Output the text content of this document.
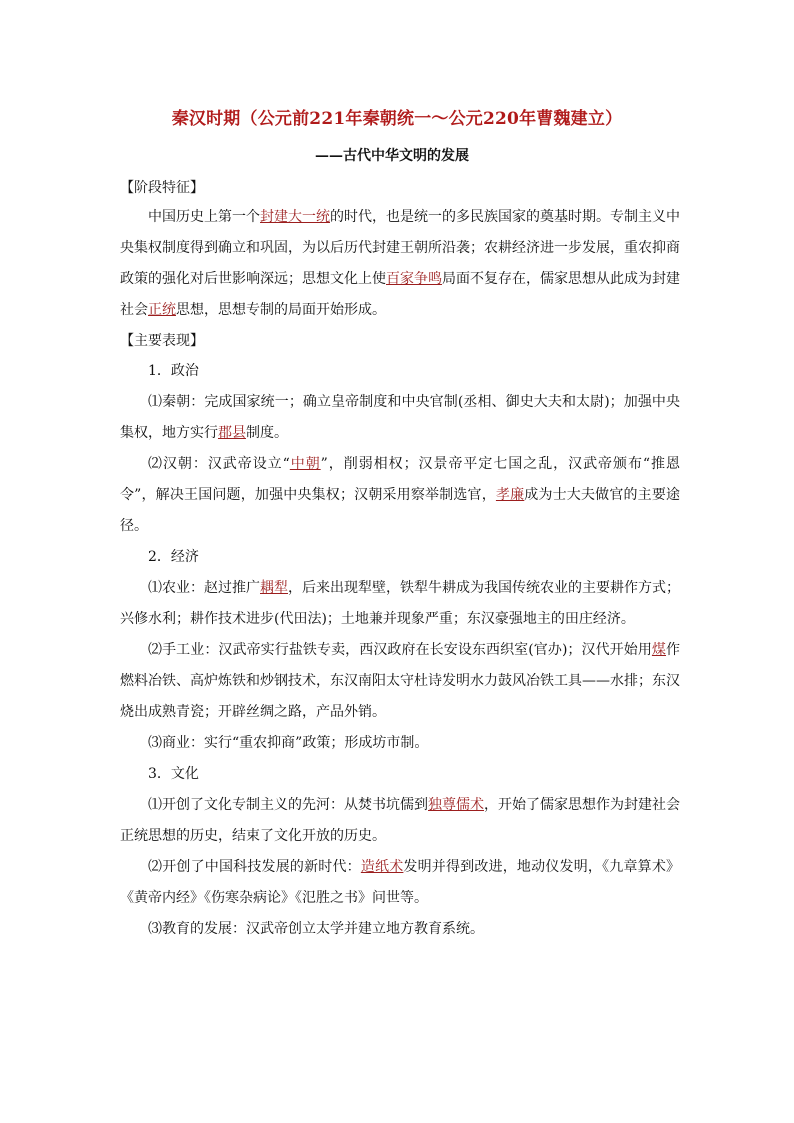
秦汉时期（公元前221年秦朝统一～公元220年曹魏建立）
——古代中华文明的发展
【阶段特征】

中国历史上第一个封建大一统的时代，也是统一的多民族国家的奠基时期。专制主义中央集权制度得到确立和巩固，为以后历代封建王朝所沿袭；农耕经济进一步发展，重农抑商政策的强化对后世影响深远；思想文化上使百家争鸣局面不复存在，儒家思想从此成为封建社会正统思想，思想专制的局面开始形成。

【主要表现】

1．政治

⑴秦朝：完成国家统一；确立皇帝制度和中央官制(丞相、御史大夫和太尉)；加强中央集权，地方实行郡县制度。

⑵汉朝：汉武帝设立“中朝”，削弱相权；汉景帝平定七国之乱，汉武帝颁布“推恩令”，解决王国问题，加强中央集权；汉朝采用察举制选官，孝廉成为士大夫做官的主要途径。

2．经济

⑴农业：赵过推广耦犁，后来出现犁壁，铁犁牛耕成为我国传统农业的主要耕作方式；兴修水利；耕作技术进步(代田法)；土地兼并现象严重；东汉豪强地主的田庄经济。

⑵手工业：汉武帝实行盐铁专卖，西汉政府在长安设东西织室(官办)；汉代开始用煤作燃料冶铁、高炉炼铁和炒钢技术，东汉南阳太守杜诗发明水力鼓风冶铁工具——水排；东汉烧出成熟青瓷；开辟丝绸之路，产品外销。

⑶商业：实行“重农抑商”政策；形成坊市制。

3．文化

⑴开创了文化专制主义的先河：从焚书坑儒到独尊儒术，开始了儒家思想作为封建社会正统思想的历史，结束了文化开放的历史。

⑵开创了中国科技发展的新时代：造纸术发明并得到改进，地动仪发明，《九章算术》《黄帝内经》《伤寒杂病论》《氾胜之书》问世等。

⑶教育的发展：汉武帝创立太学并建立地方教育系统。
